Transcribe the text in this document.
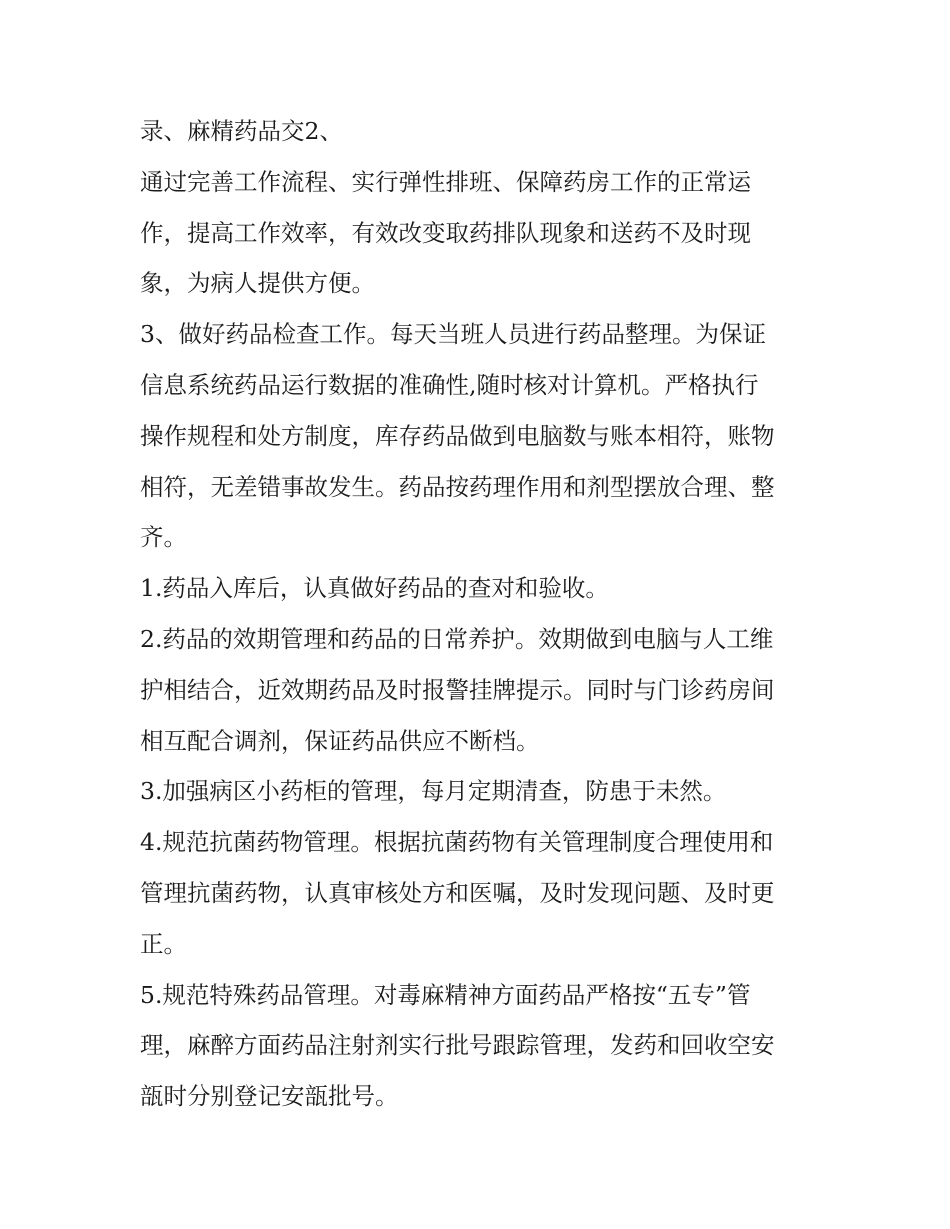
录、麻精药品交2、
通过完善工作流程、实行弹性排班、保障药房工作的正常运
作，提高工作效率，有效改变取药排队现象和送药不及时现
象，为病人提供方便。
3、做好药品检查工作。每天当班人员进行药品整理。为保证
信息系统药品运行数据的准确性,随时核对计算机。严格执行
操作规程和处方制度，库存药品做到电脑数与账本相符，账物
相符，无差错事故发生。药品按药理作用和剂型摆放合理、整
齐。
1.药品入库后，认真做好药品的查对和验收。
2.药品的效期管理和药品的日常养护。效期做到电脑与人工维
护相结合，近效期药品及时报警挂牌提示。同时与门诊药房间
相互配合调剂，保证药品供应不断档。
3.加强病区小药柜的管理，每月定期清查，防患于未然。
4.规范抗菌药物管理。根据抗菌药物有关管理制度合理使用和
管理抗菌药物，认真审核处方和医嘱，及时发现问题、及时更
正。
5.规范特殊药品管理。对毒麻精神方面药品严格按“五专”管
理，麻醉方面药品注射剂实行批号跟踪管理，发药和回收空安
瓿时分别登记安瓿批号。
